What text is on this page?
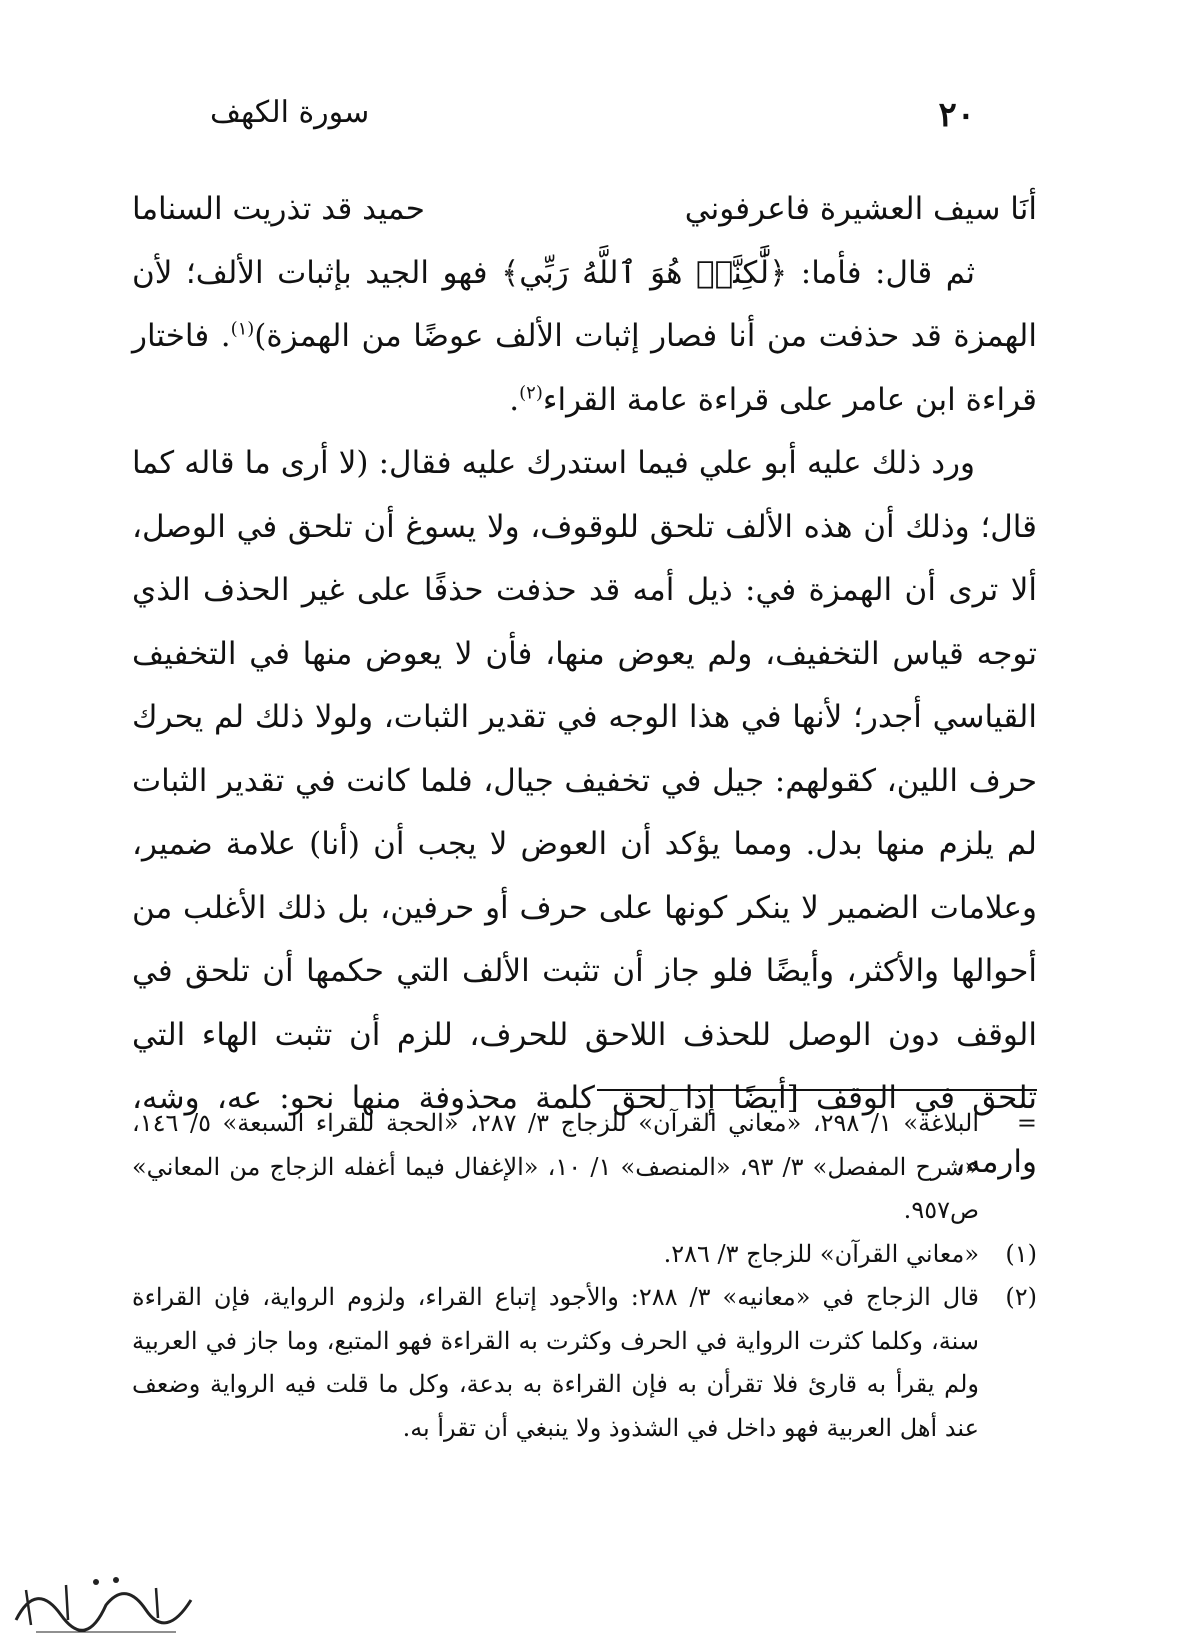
٢٠
سورة الكهف
أنَا سيف العشيرة فاعرفوني
حميد قد تذريت السناما

ثم قال: فأما: ﴿لَّٰكِنَّا۠ هُوَ ٱللَّهُ رَبِّي﴾ فهو الجيد بإثبات الألف؛ لأن الهمزة قد حذفت من أنا فصار إثبات الألف عوضًا من الهمزة)$^{(١)}$. فاختار قراءة ابن عامر على قراءة عامة القراء$^{(٢)}$.

ورد ذلك عليه أبو علي فيما استدرك عليه فقال: (لا أرى ما قاله كما قال؛ وذلك أن هذه الألف تلحق للوقوف، ولا يسوغ أن تلحق في الوصل، ألا ترى أن الهمزة في: ذيل أمه قد حذفت حذفًا على غير الحذف الذي توجه قياس التخفيف، ولم يعوض منها، فأن لا يعوض منها في التخفيف القياسي أجدر؛ لأنها في هذا الوجه في تقدير الثبات، ولولا ذلك لم يحرك حرف اللين، كقولهم: جيل في تخفيف جيال، فلما كانت في تقدير الثبات لم يلزم منها بدل. ومما يؤكد أن العوض لا يجب أن (أنا) علامة ضمير، وعلامات الضمير لا ينكر كونها على حرف أو حرفين، بل ذلك الأغلب من أحوالها والأكثر، وأيضًا فلو جاز أن تثبت الألف التي حكمها أن تلحق في الوقف دون الوصل للحذف اللاحق للحرف، للزم أن تثبت الهاء التي تلحق في الوقف [أيضًا إذا لحق كلمة محذوفة منها نحو: عه، وشه، وارمه،

=
البلاغة» ١/ ٢٩٨، «معاني القرآن» للزجاج ٣/ ٢٨٧، «الحجة للقراء السبعة» ٥/ ١٤٦، «شرح المفصل» ٣/ ٩٣، «المنصف» ١/ ١٠، «الإغفال فيما أغفله الزجاج من المعاني» ص٩٥٧.
(١)
«معاني القرآن» للزجاج ٣/ ٢٨٦.
(٢)
قال الزجاج في «معانيه» ٣/ ٢٨٨: والأجود إتباع القراء، ولزوم الرواية، فإن القراءة سنة، وكلما كثرت الرواية في الحرف وكثرت به القراءة فهو المتبع، وما جاز في العربية ولم يقرأ به قارئ فلا تقرأن به فإن القراءة به بدعة، وكل ما قلت فيه الرواية وضعف عند أهل العربية فهو داخل في الشذوذ ولا ينبغي أن تقرأ به.
